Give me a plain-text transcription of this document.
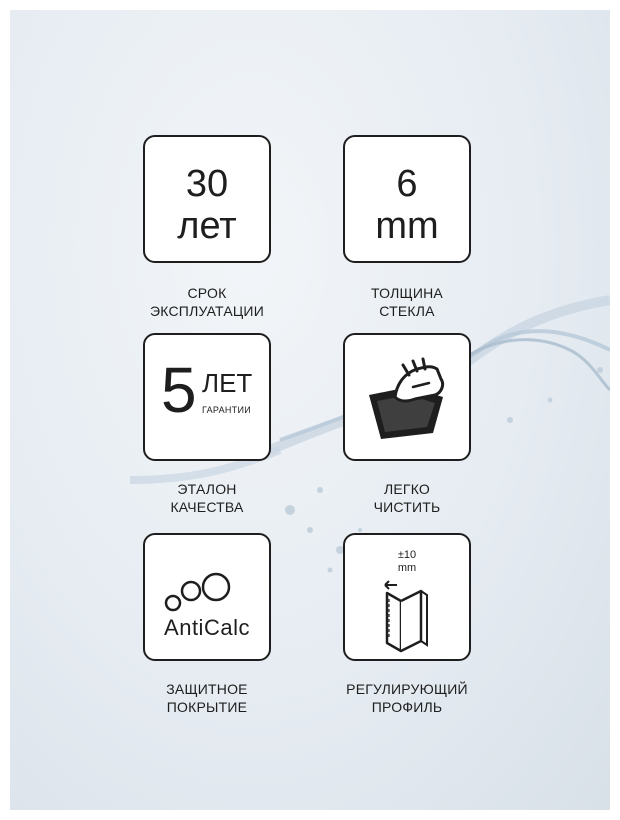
30
лет
СРОК
ЭКСПЛУАТАЦИИ
6
mm
ТОЛЩИНА
СТЕКЛА
5 ЛЕТ
ГАРАНТИИ
ЭТАЛОН
КАЧЕСТВА
ЛЕГКО
ЧИСТИТЬ
AntiCalc
ЗАЩИТНОЕ
ПОКРЫТИЕ
±10
mm
РЕГУЛИРУЮЩИЙ
ПРОФИЛЬ
